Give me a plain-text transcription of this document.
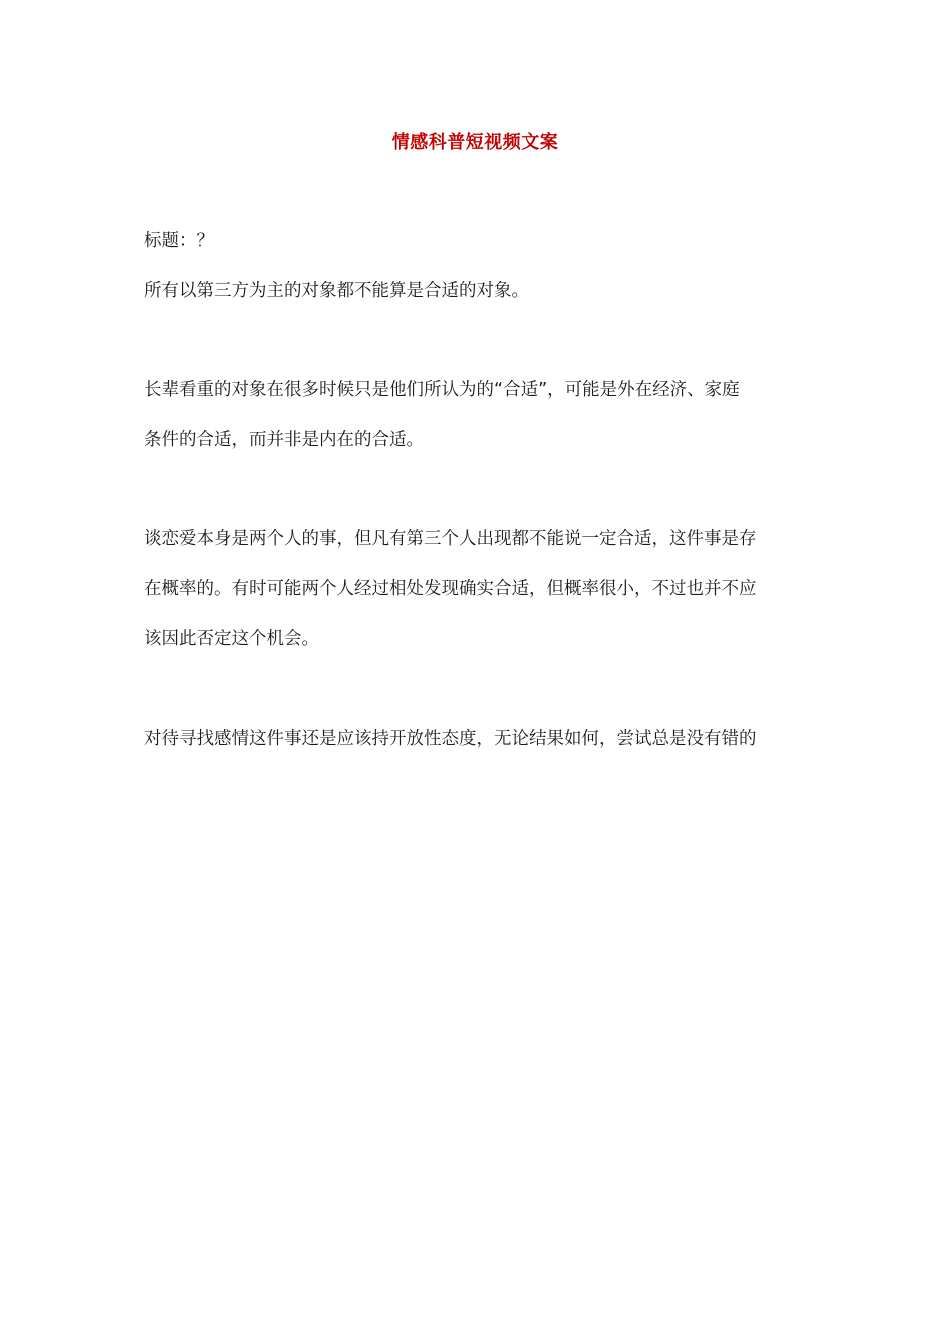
情感科普短视频文案
标题：？
所有以第三方为主的对象都不能算是合适的对象。
长辈看重的对象在很多时候只是他们所认为的“合适”，可能是外在经济、家庭
条件的合适，而并非是内在的合适。
谈恋爱本身是两个人的事，但凡有第三个人出现都不能说一定合适，这件事是存
在概率的。有时可能两个人经过相处发现确实合适，但概率很小，不过也并不应
该因此否定这个机会。
对待寻找感情这件事还是应该持开放性态度，无论结果如何，尝试总是没有错的
